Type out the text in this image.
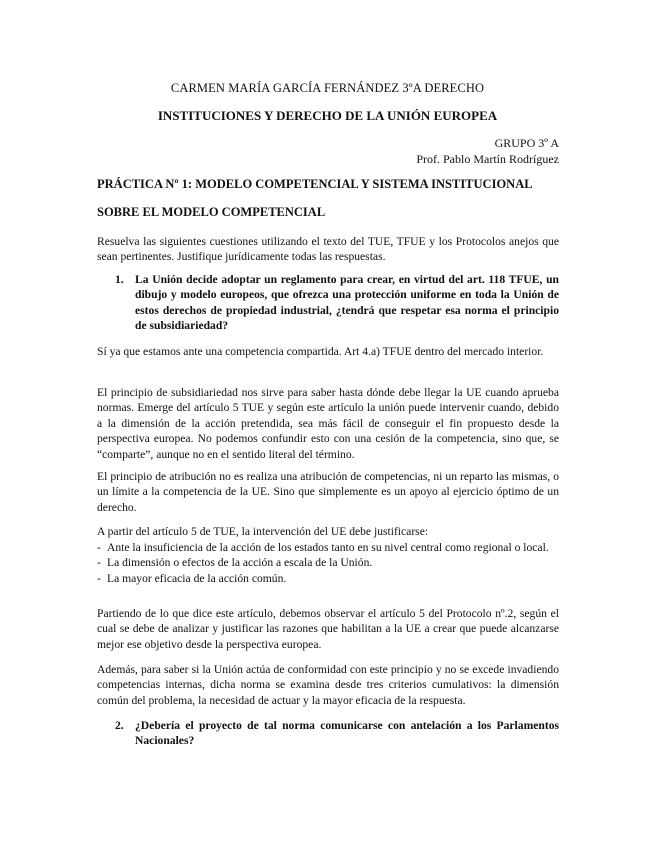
CARMEN MARÍA GARCÍA FERNÁNDEZ 3ºA DERECHO
INSTITUCIONES Y DERECHO DE LA UNIÓN EUROPEA
GRUPO 3º A
Prof. Pablo Martín Rodríguez
PRÁCTICA Nº 1: MODELO COMPETENCIAL Y SISTEMA INSTITUCIONAL
SOBRE EL MODELO COMPETENCIAL

Resuelva las siguientes cuestiones utilizando el texto del TUE, TFUE y los Protocolos anejos que sean pertinentes. Justifique jurídicamente todas las respuestas.

1. La Unión decide adoptar un reglamento para crear, en virtud del art. 118 TFUE, un dibujo y modelo europeos, que ofrezca una protección uniforme en toda la Unión de estos derechos de propiedad industrial, ¿tendrá que respetar esa norma el principio de subsidiariedad?

Sí ya que estamos ante una competencia compartida. Art 4.a) TFUE dentro del mercado interior.

El principio de subsidiariedad nos sirve para saber hasta dónde debe llegar la UE cuando aprueba normas. Emerge del artículo 5 TUE y según este artículo la unión puede intervenir cuando, debido a la dimensión de la acción pretendida, sea más fácil de conseguir el fin propuesto desde la perspectiva europea. No podemos confundir esto con una cesión de la competencia, sino que, se “comparte”, aunque no en el sentido literal del término.

El principio de atribución no es realiza una atribución de competencias, ni un reparto las mismas, o un límite a la competencia de la UE. Sino que simplemente es un apoyo al ejercicio óptimo de un derecho.

A partir del artículo 5 de TUE, la intervención del UE debe justificarse:

- Ante la insuficiencia de la acción de los estados tanto en su nivel central como regional o local.
- La dimensión o efectos de la acción a escala de la Unión.
- La mayor eficacia de la acción común.

Partiendo de lo que dice este artículo, debemos observar el artículo 5 del Protocolo nº.2, según el cual se debe de analizar y justificar las razones que habilitan a la UE a crear que puede alcanzarse mejor ese objetivo desde la perspectiva europea.

Además, para saber si la Unión actúa de conformidad con este principio y no se excede invadiendo competencias internas, dicha norma se examina desde tres criterios cumulativos: la dimensión común del problema, la necesidad de actuar y la mayor eficacia de la respuesta.

2. ¿Debería el proyecto de tal norma comunicarse con antelación a los Parlamentos Nacionales?
